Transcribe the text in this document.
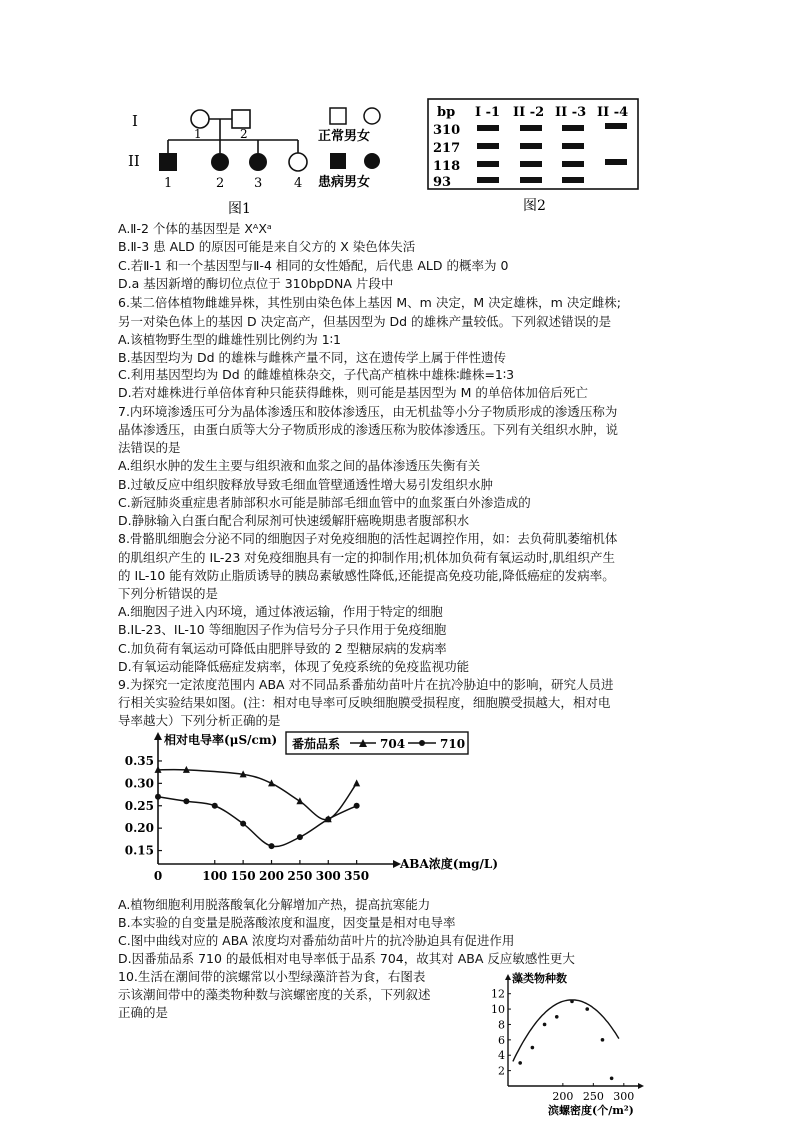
I
II
1	2
1	2 3 4
正常男女
患病男女
图1
bp I -1 II -2 II -3 II -4
310
217
118
93
图2
A.Ⅱ-2 个体的基因型是 XᴬXᵃ
B.Ⅱ-3 患 ALD 的原因可能是来自父方的 X 染色体失活
C.若Ⅱ-1 和一个基因型与Ⅱ-4 相同的女性婚配，后代患 ALD 的概率为 0
D.a 基因新增的酶切位点位于 310bpDNA 片段中
6.某二倍体植物雌雄异株，其性别由染色体上基因 M、m 决定，M 决定雄株，m 决定雌株;
另一对染色体上的基因 D 决定高产，但基因型为 Dd 的雄株产量较低。下列叙述错误的是
A.该植物野生型的雌雄性别比例约为 1∶1
B.基因型均为 Dd 的雄株与雌株产量不同，这在遗传学上属于伴性遗传
C.利用基因型均为 Dd 的雌雄植株杂交，子代高产植株中雄株∶雌株=1∶3
D.若对雄株进行单倍体育种只能获得雌株，则可能是基因型为 M 的单倍体加倍后死亡
7.内环境渗透压可分为晶体渗透压和胶体渗透压，由无机盐等小分子物质形成的渗透压称为
晶体渗透压，由蛋白质等大分子物质形成的渗透压称为胶体渗透压。下列有关组织水肿，说
法错误的是
A.组织水肿的发生主要与组织液和血浆之间的晶体渗透压失衡有关
B.过敏反应中组织胺释放导致毛细血管壁通透性增大易引发组织水肿
C.新冠肺炎重症患者肺部积水可能是肺部毛细血管中的血浆蛋白外渗造成的
D.静脉输入白蛋白配合利尿剂可快速缓解肝癌晚期患者腹部积水
8.骨骼肌细胞会分泌不同的细胞因子对免疫细胞的活性起调控作用，如：去负荷肌萎缩机体
的肌组织产生的 IL-23 对免疫细胞具有一定的抑制作用;机体加负荷有氧运动时,肌组织产生
的 IL-10 能有效防止脂质诱导的胰岛素敏感性降低,还能提高免疫功能,降低癌症的发病率。
下列分析错误的是
A.细胞因子进入内环境，通过体液运输，作用于特定的细胞
B.IL-23、IL-10 等细胞因子作为信号分子只作用于免疫细胞
C.加负荷有氧运动可降低由肥胖导致的 2 型糖尿病的发病率
D.有氧运动能降低癌症发病率，体现了免疫系统的免疫监视功能
9.为探究一定浓度范围内 ABA 对不同品系番茄幼苗叶片在抗冷胁迫中的影响，研究人员进
行相关实验结果如图。(注：相对电导率可反映细胞膜受损程度，细胞膜受损越大，相对电
导率越大）下列分析正确的是
相对电导率(μS/cm)
ABA浓度(mg/L)
0.15
0.20
0.25
0.30
0.35
0	100 150 200 250 300 350
番茄品系	704	710
A.植物细胞利用脱落酸氧化分解增加产热，提高抗寒能力
B.本实验的自变量是脱落酸浓度和温度，因变量是相对电导率
C.图中曲线对应的 ABA 浓度均对番茄幼苗叶片的抗冷胁迫具有促进作用
D.因番茄品系 710 的最低相对电导率低于品系 704，故其对 ABA 反应敏感性更大
10.生活在潮间带的滨螺常以小型绿藻浒苔为食，右图表
示该潮间带中的藻类物种数与滨螺密度的关系，下列叙述
正确的是
藻类物种数
滨螺密度(个/m²)
2
4
6
8
10
12
200 250 300
